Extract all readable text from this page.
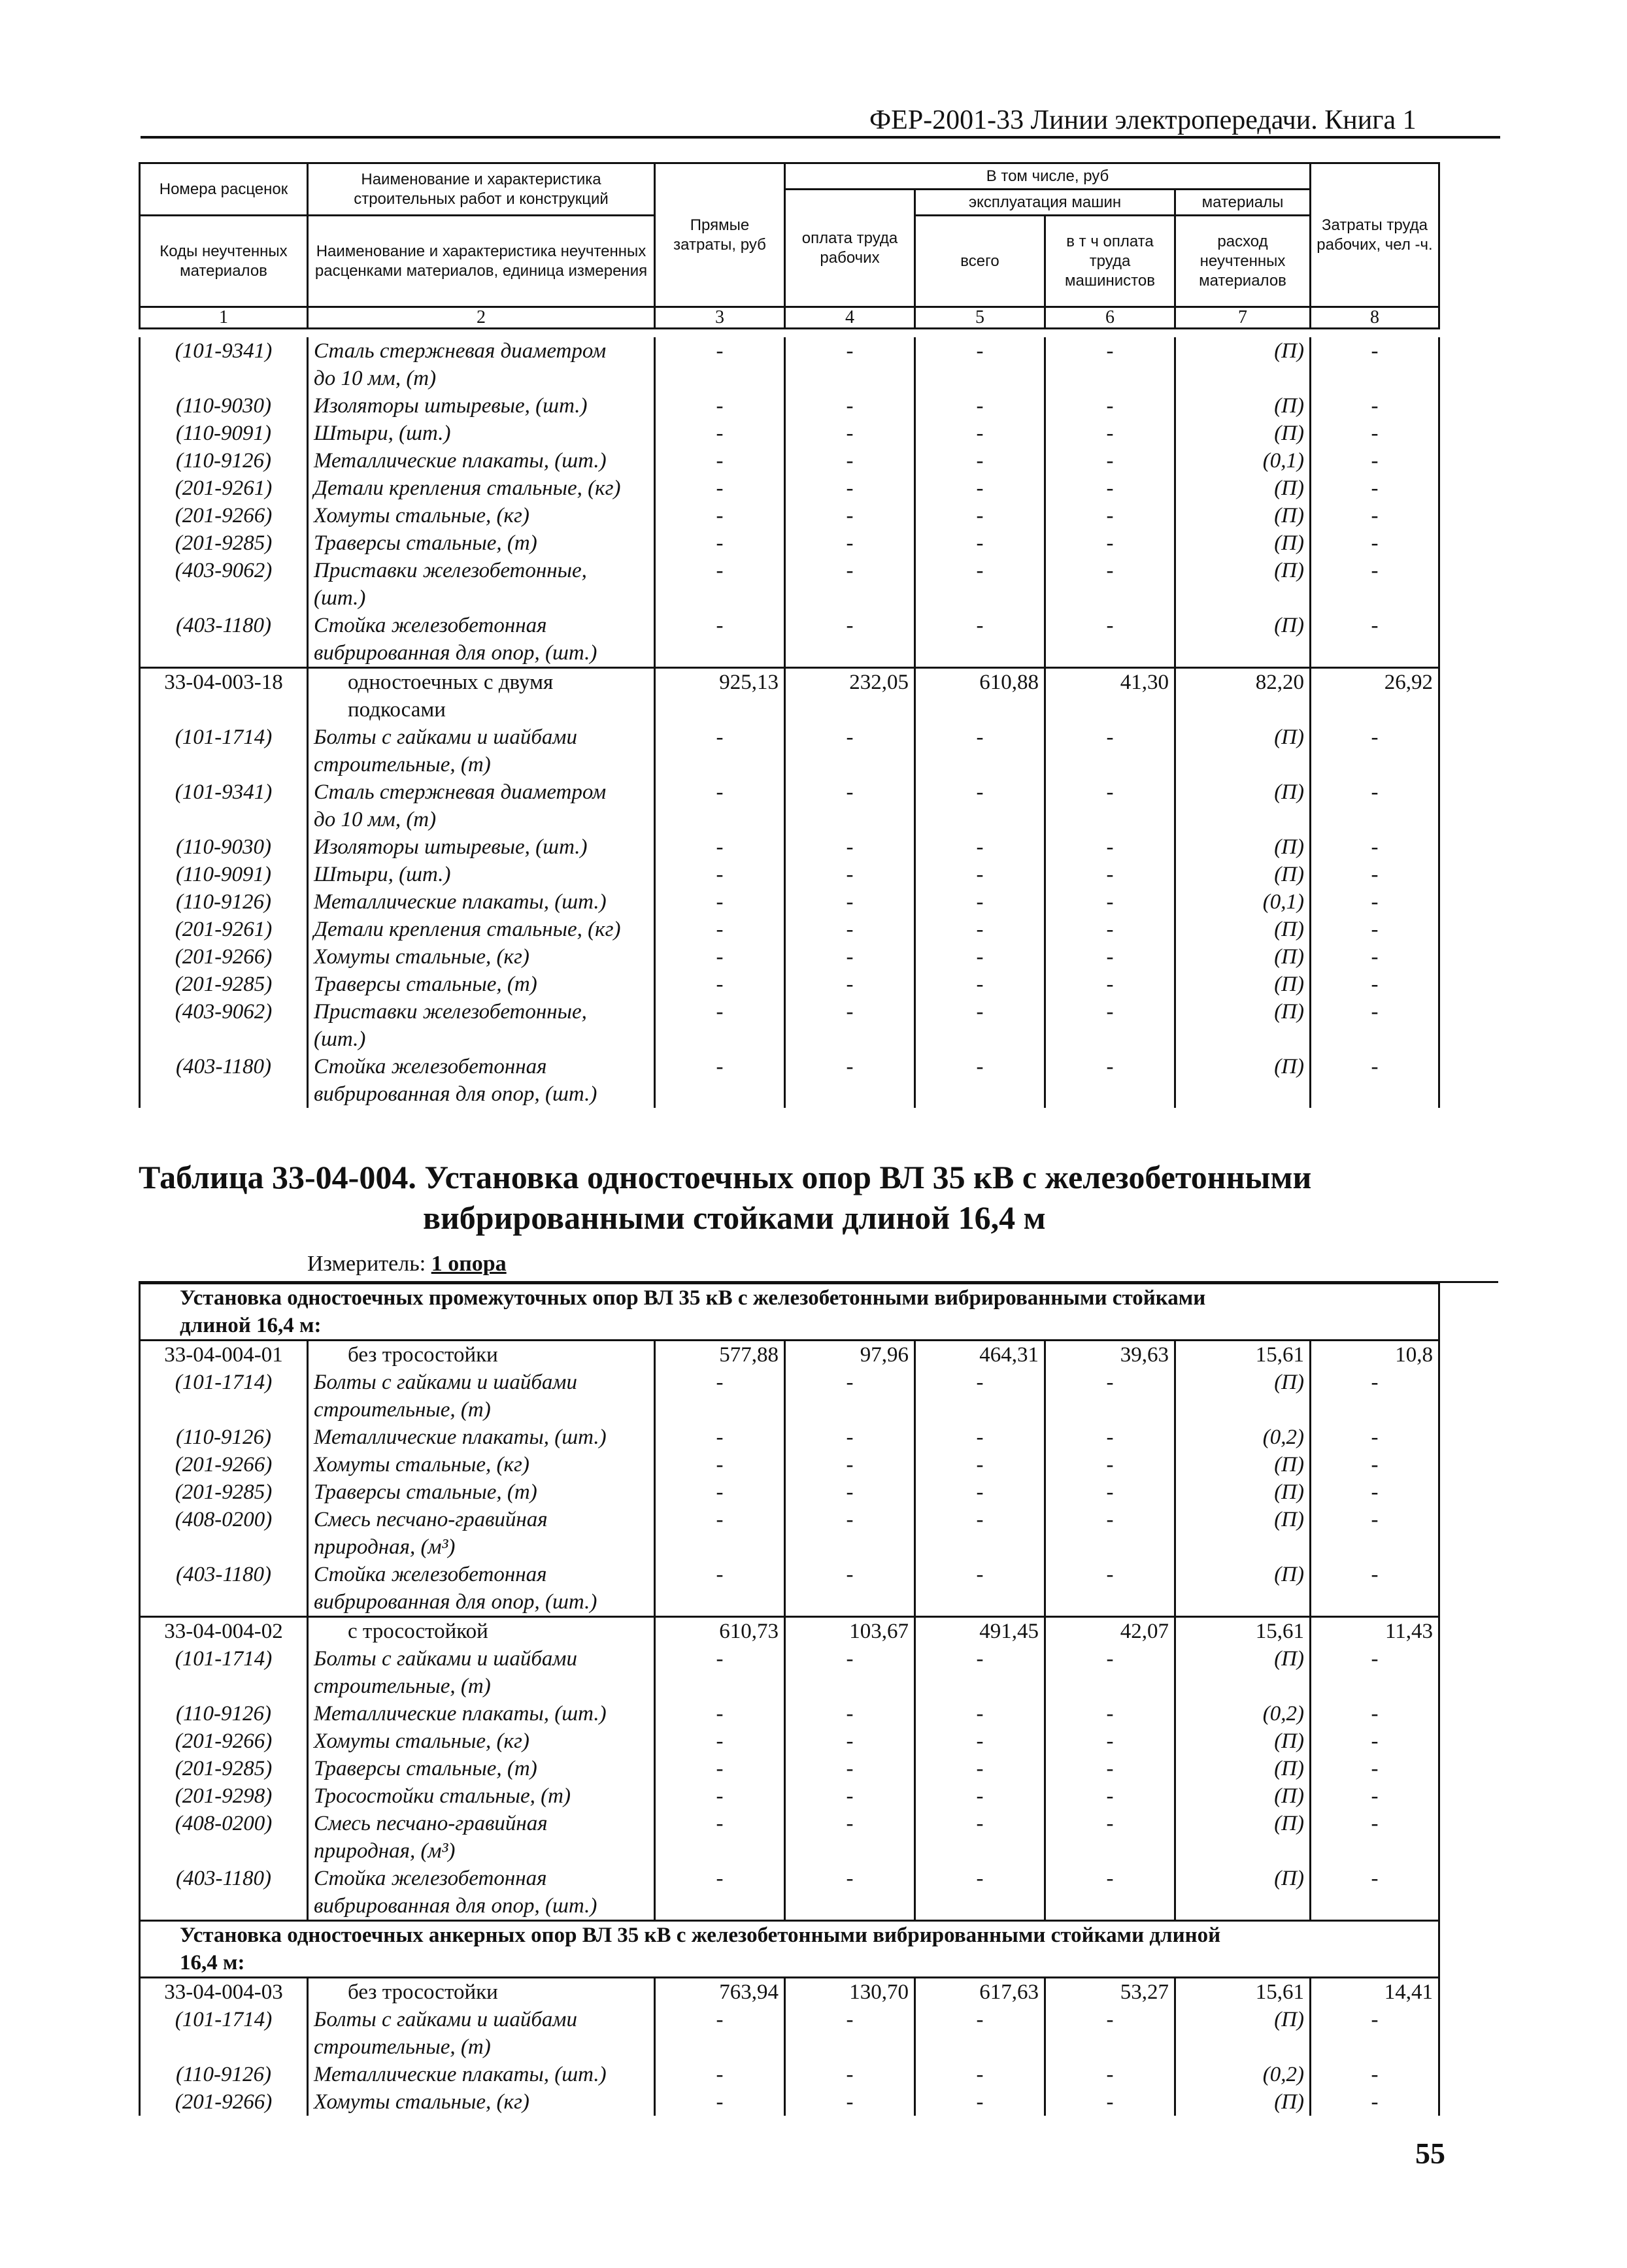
ФЕР-2001-33 Линии электропередачи. Книга 1
Номера расценок	Наименование и характеристика строительных работ и конструкций	Прямые затраты, руб	В том числе, руб				Затраты труда рабочих, чел -ч.
			оплата труда рабочих	эксплуатация машин		материалы	
Коды неучтенных материалов	Наименование и характеристика неучтенных расценками материалов, единица измерения			всего	в т ч оплата труда машинистов	расход неучтенных материалов	

1	2	3	4	5	6	7	8
(101-9341)	Сталь стержневая диаметром	-	-	-	-	(П)	-
	до 10 мм, (т)						
(110-9030)	Изоляторы штыревые, (шт.)	-	-	-	-	(П)	-
(110-9091)	Штыри, (шт.)	-	-	-	-	(П)	-
(110-9126)	Металлические плакаты, (шт.)	-	-	-	-	(0,1)	-
(201-9261)	Детали крепления стальные, (кг)	-	-	-	-	(П)	-
(201-9266)	Хомуты стальные, (кг)	-	-	-	-	(П)	-
(201-9285)	Траверсы стальные, (т)	-	-	-	-	(П)	-
(403-9062)	Приставки железобетонные,	-	-	-	-	(П)	-
	(шт.)						
(403-1180)	Стойка железобетонная	-	-	-	-	(П)	-
	вибрированная для опор, (шт.)						
33-04-003-18	одностоечных с двумя	925,13	232,05	610,88	41,30	82,20	26,92
	подкосами						
(101-1714)	Болты с гайками и шайбами	-	-	-	-	(П)	-
	строительные, (т)						
(101-9341)	Сталь стержневая диаметром	-	-	-	-	(П)	-
	до 10 мм, (т)						
(110-9030)	Изоляторы штыревые, (шт.)	-	-	-	-	(П)	-
(110-9091)	Штыри, (шт.)	-	-	-	-	(П)	-
(110-9126)	Металлические плакаты, (шт.)	-	-	-	-	(0,1)	-
(201-9261)	Детали крепления стальные, (кг)	-	-	-	-	(П)	-
(201-9266)	Хомуты стальные, (кг)	-	-	-	-	(П)	-
(201-9285)	Траверсы стальные, (т)	-	-	-	-	(П)	-
(403-9062)	Приставки железобетонные,	-	-	-	-	(П)	-
	(шт.)						
(403-1180)	Стойка железобетонная	-	-	-	-	(П)	-
	вибрированная для опор, (шт.)						
Таблица 33-04-004. Установка одностоечных опор ВЛ 35 кВ с железобетонными
вибрированными стойками длиной 16,4 м
Измеритель: 1 опора
Установка одностоечных промежуточных опор ВЛ 35 кВ с железобетонными вибрированными стойками							
длиной 16,4 м:							
33-04-004-01	без тросостойки	577,88	97,96	464,31	39,63	15,61	10,8
(101-1714)	Болты с гайками и шайбами	-	-	-	-	(П)	-
	строительные, (т)						
(110-9126)	Металлические плакаты, (шт.)	-	-	-	-	(0,2)	-
(201-9266)	Хомуты стальные, (кг)	-	-	-	-	(П)	-
(201-9285)	Траверсы стальные, (т)	-	-	-	-	(П)	-
(408-0200)	Смесь песчано-гравийная	-	-	-	-	(П)	-
	природная, (м³)						
(403-1180)	Стойка железобетонная	-	-	-	-	(П)	-
	вибрированная для опор, (шт.)						
33-04-004-02	с тросостойкой	610,73	103,67	491,45	42,07	15,61	11,43
(101-1714)	Болты с гайками и шайбами	-	-	-	-	(П)	-
	строительные, (т)						
(110-9126)	Металлические плакаты, (шт.)	-	-	-	-	(0,2)	-
(201-9266)	Хомуты стальные, (кг)	-	-	-	-	(П)	-
(201-9285)	Траверсы стальные, (т)	-	-	-	-	(П)	-
(201-9298)	Тросостойки стальные, (т)	-	-	-	-	(П)	-
(408-0200)	Смесь песчано-гравийная	-	-	-	-	(П)	-
	природная, (м³)						
(403-1180)	Стойка железобетонная	-	-	-	-	(П)	-
	вибрированная для опор, (шт.)						
Установка одностоечных анкерных опор ВЛ 35 кВ с железобетонными вибрированными стойками длиной							
16,4 м:							
33-04-004-03	без тросостойки	763,94	130,70	617,63	53,27	15,61	14,41
(101-1714)	Болты с гайками и шайбами	-	-	-	-	(П)	-
	строительные, (т)						
(110-9126)	Металлические плакаты, (шт.)	-	-	-	-	(0,2)	-
(201-9266)	Хомуты стальные, (кг)	-	-	-	-	(П)	-
55
